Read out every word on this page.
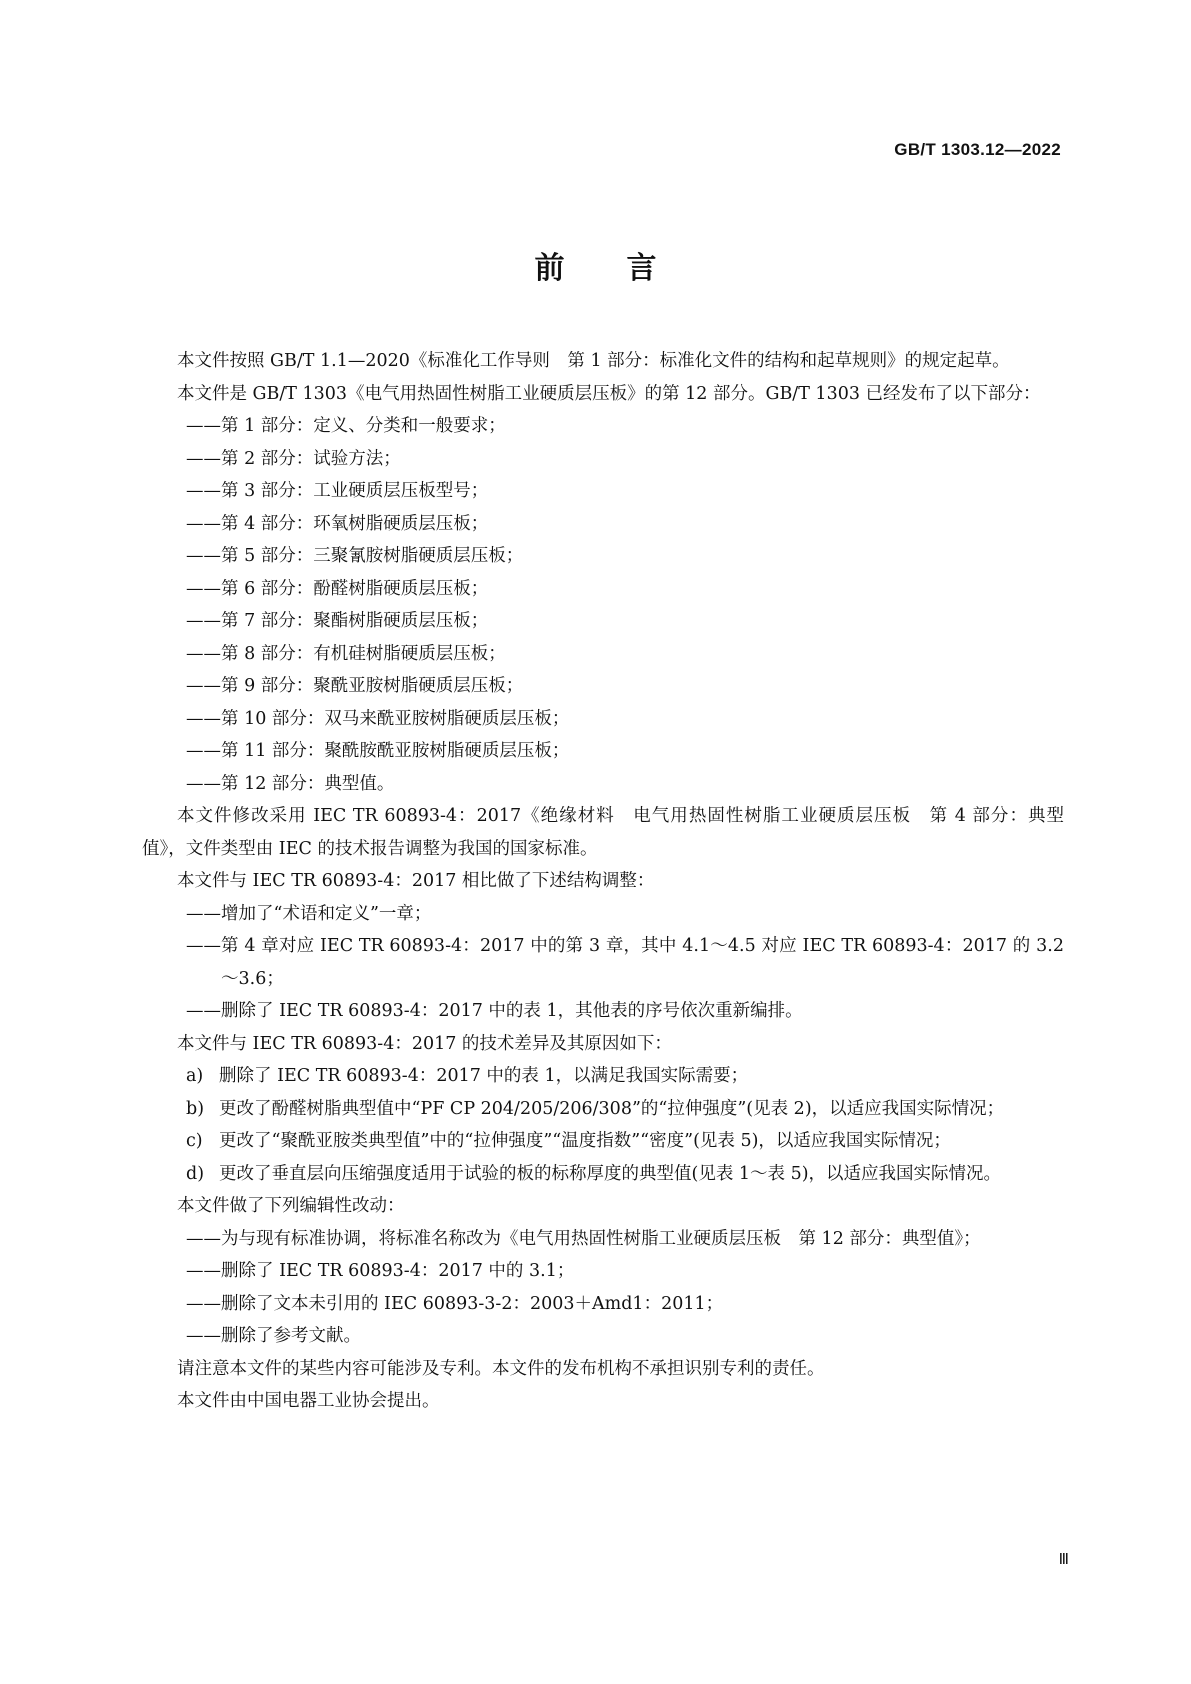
GB/T 1303.12—2022
前言

本文件按照 GB/T 1.1—2020《标准化工作导则　第 1 部分：标准化文件的结构和起草规则》的规定起草。

本文件是 GB/T 1303《电气用热固性树脂工业硬质层压板》的第 12 部分。GB/T 1303 已经发布了以下部分：

—— 第 1 部分：定义、分类和一般要求；

—— 第 2 部分：试验方法；

—— 第 3 部分：工业硬质层压板型号；

—— 第 4 部分：环氧树脂硬质层压板；

—— 第 5 部分：三聚氰胺树脂硬质层压板；

—— 第 6 部分：酚醛树脂硬质层压板；

—— 第 7 部分：聚酯树脂硬质层压板；

—— 第 8 部分：有机硅树脂硬质层压板；

—— 第 9 部分：聚酰亚胺树脂硬质层压板；

—— 第 10 部分：双马来酰亚胺树脂硬质层压板；

—— 第 11 部分：聚酰胺酰亚胺树脂硬质层压板；

—— 第 12 部分：典型值。

本文件修改采用 IEC TR 60893-4：2017《绝缘材料　电气用热固性树脂工业硬质层压板　第 4 部分：典型值》，文件类型由 IEC 的技术报告调整为我国的国家标准。

本文件与 IEC TR 60893-4：2017 相比做了下述结构调整：

—— 增加了“术语和定义”一章；

—— 第 4 章对应 IEC TR 60893-4：2017 中的第 3 章，其中 4.1～4.5 对应 IEC TR 60893-4：2017 的 3.2～3.6；

—— 删除了 IEC TR 60893-4：2017 中的表 1，其他表的序号依次重新编排。

本文件与 IEC TR 60893-4：2017 的技术差异及其原因如下：

a) 删除了 IEC TR 60893-4：2017 中的表 1，以满足我国实际需要；

b) 更改了酚醛树脂典型值中“PF CP 204/205/206/308”的“拉伸强度”(见表 2)，以适应我国实际情况；

c) 更改了“聚酰亚胺类典型值”中的“拉伸强度”“温度指数”“密度”(见表 5)，以适应我国实际情况；

d) 更改了垂直层向压缩强度适用于试验的板的标称厚度的典型值(见表 1～表 5)，以适应我国实际情况。

本文件做了下列编辑性改动：

—— 为与现有标准协调，将标准名称改为《电气用热固性树脂工业硬质层压板　第 12 部分：典型值》；

—— 删除了 IEC TR 60893-4：2017 中的 3.1；

—— 删除了文本未引用的 IEC 60893-3-2：2003＋Amd1：2011；

—— 删除了参考文献。

请注意本文件的某些内容可能涉及专利。本文件的发布机构不承担识别专利的责任。

本文件由中国电器工业协会提出。

Ⅲ
